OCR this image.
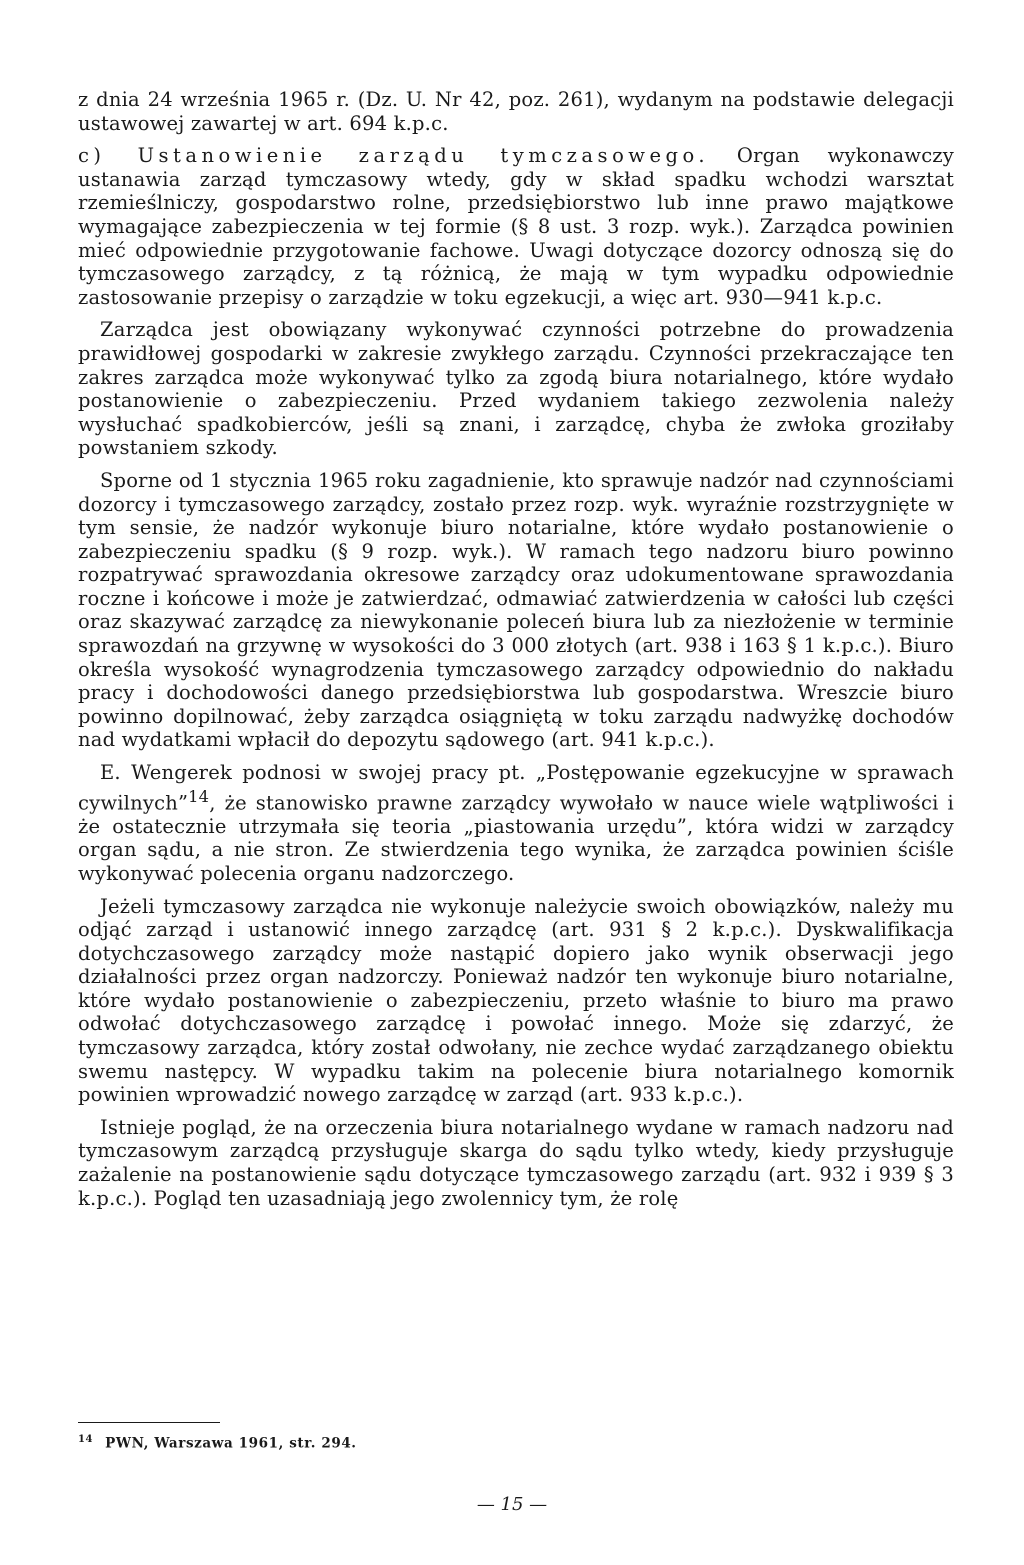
z dnia 24 września 1965 r. (Dz. U. Nr 42, poz. 261), wydanym na podstawie delegacji ustawowej zawartej w art. 694 k.p.c.

c) Ustanowienie zarządu tymczasowego. Organ wykonawczy ustanawia zarząd tymczasowy wtedy, gdy w skład spadku wchodzi warsztat rzemieślniczy, gospodarstwo rolne, przedsiębiorstwo lub inne prawo majątkowe wymagające zabezpieczenia w tej formie (§ 8 ust. 3 rozp. wyk.). Zarządca powinien mieć odpowiednie przygotowanie fachowe. Uwagi dotyczące dozorcy odnoszą się do tymczasowego zarządcy, z tą różnicą, że mają w tym wypadku odpowiednie zastosowanie przepisy o zarządzie w toku egzekucji, a więc art. 930—941 k.p.c.

Zarządca jest obowiązany wykonywać czynności potrzebne do prowadzenia prawidłowej gospodarki w zakresie zwykłego zarządu. Czynności przekraczające ten zakres zarządca może wykonywać tylko za zgodą biura notarialnego, które wydało postanowienie o zabezpieczeniu. Przed wydaniem takiego zezwolenia należy wysłuchać spadkobierców, jeśli są znani, i zarządcę, chyba że zwłoka groziłaby powstaniem szkody.

Sporne od 1 stycznia 1965 roku zagadnienie, kto sprawuje nadzór nad czynnościami dozorcy i tymczasowego zarządcy, zostało przez rozp. wyk. wyraźnie rozstrzygnięte w tym sensie, że nadzór wykonuje biuro notarialne, które wydało postanowienie o zabezpieczeniu spadku (§ 9 rozp. wyk.). W ramach tego nadzoru biuro powinno rozpatrywać sprawozdania okresowe zarządcy oraz udokumentowane sprawozdania roczne i końcowe i może je zatwierdzać, odmawiać zatwierdzenia w całości lub części oraz skazywać zarządcę za niewykonanie poleceń biura lub za niezłożenie w terminie sprawozdań na grzywnę w wysokości do 3 000 złotych (art. 938 i 163 § 1 k.p.c.). Biuro określa wysokość wynagrodzenia tymczasowego zarządcy odpowiednio do nakładu pracy i dochodowości danego przedsiębiorstwa lub gospodarstwa. Wreszcie biuro powinno dopilnować, żeby zarządca osiągniętą w toku zarządu nadwyżkę dochodów nad wydatkami wpłacił do depozytu sądowego (art. 941 k.p.c.).

E. Wengerek podnosi w swojej pracy pt. „Postępowanie egzekucyjne w sprawach cywilnych”$^{14}$, że stanowisko prawne zarządcy wywołało w nauce wiele wątpliwości i że ostatecznie utrzymała się teoria „piastowania urzędu”, która widzi w zarządcy organ sądu, a nie stron. Ze stwierdzenia tego wynika, że zarządca powinien ściśle wykonywać polecenia organu nadzorczego.

Jeżeli tymczasowy zarządca nie wykonuje należycie swoich obowiązków, należy mu odjąć zarząd i ustanowić innego zarządcę (art. 931 § 2 k.p.c.). Dyskwalifikacja dotychczasowego zarządcy może nastąpić dopiero jako wynik obserwacji jego działalności przez organ nadzorczy. Ponieważ nadzór ten wykonuje biuro notarialne, które wydało postanowienie o zabezpieczeniu, przeto właśnie to biuro ma prawo odwołać dotychczasowego zarządcę i powołać innego. Może się zdarzyć, że tymczasowy zarządca, który został odwołany, nie zechce wydać zarządzanego obiektu swemu następcy. W wypadku takim na polecenie biura notarialnego komornik powinien wprowadzić nowego zarządcę w zarząd (art. 933 k.p.c.).

Istnieje pogląd, że na orzeczenia biura notarialnego wydane w ramach nadzoru nad tymczasowym zarządcą przysługuje skarga do sądu tylko wtedy, kiedy przysługuje zażalenie na postanowienie sądu dotyczące tymczasowego zarządu (art. 932 i 939 § 3 k.p.c.). Pogląd ten uzasadniają jego zwolennicy tym, że rolę

$^{14}$ PWN, Warszawa 1961, str. 294.
— 15 —
